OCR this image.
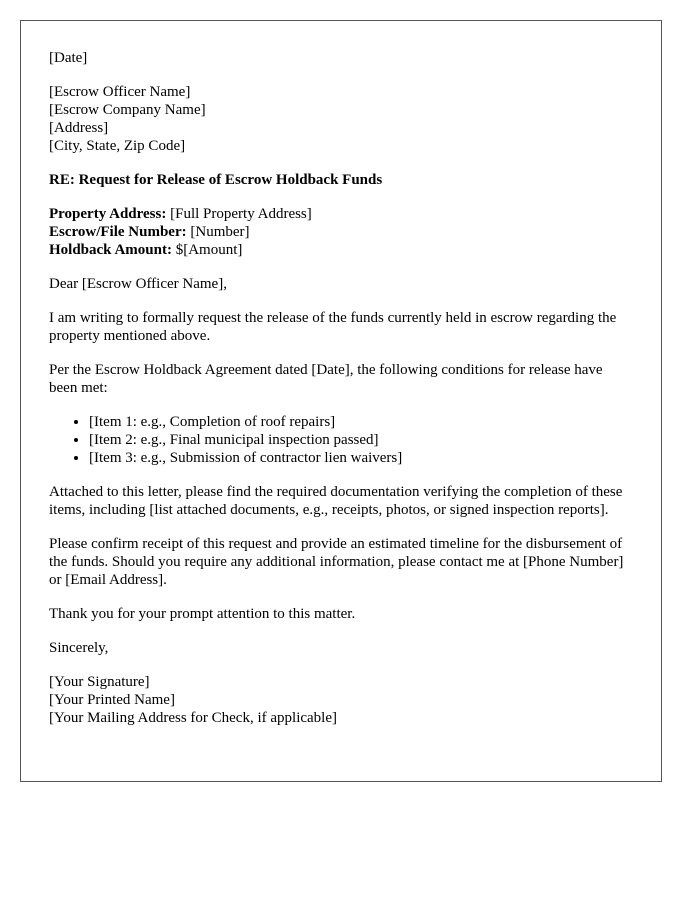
[Date]

[Escrow Officer Name]
[Escrow Company Name]
[Address]
[City, State, Zip Code]

RE: Request for Release of Escrow Holdback Funds

Property Address: [Full Property Address]
Escrow/File Number: [Number]
Holdback Amount: $[Amount]

Dear [Escrow Officer Name],

I am writing to formally request the release of the funds currently held in escrow regarding the property mentioned above.

Per the Escrow Holdback Agreement dated [Date], the following conditions for release have been met:

• [Item 1: e.g., Completion of roof repairs]
• [Item 2: e.g., Final municipal inspection passed]
• [Item 3: e.g., Submission of contractor lien waivers]

Attached to this letter, please find the required documentation verifying the completion of these items, including [list attached documents, e.g., receipts, photos, or signed inspection reports].

Please confirm receipt of this request and provide an estimated timeline for the disbursement of the funds. Should you require any additional information, please contact me at [Phone Number] or [Email Address].

Thank you for your prompt attention to this matter.

Sincerely,

[Your Signature]
[Your Printed Name]
[Your Mailing Address for Check, if applicable]
